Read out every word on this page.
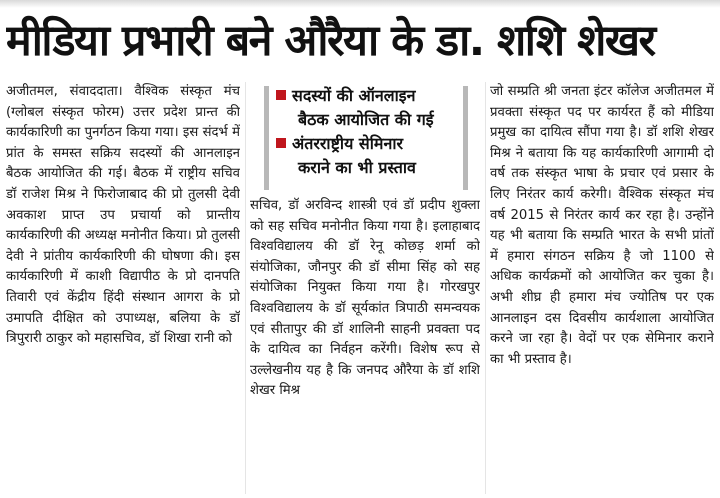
मीडिया प्रभारी बने औरैया के डा. शशि शेखर

अजीतमल, संवाददाता। वैश्विक संस्कृत मंच (ग्लोबल संस्कृत फोरम) उत्तर प्रदेश प्रान्त की कार्यकारिणी का पुनर्गठन किया गया। इस संदर्भ में प्रांत के समस्त सक्रिय सदस्यों की आनलाइन बैठक आयोजित की गई। बैठक में राष्ट्रीय सचिव डॉ राजेश मिश्र ने फिरोजाबाद की प्रो तुलसी देवी अवकाश प्राप्त उप प्रचार्या को प्रान्तीय कार्यकारिणी की अध्यक्ष मनोनीत किया। प्रो तुलसी देवी ने प्रांतीय कार्यकारिणी की घोषणा की। इस कार्यकारिणी में काशी विद्यापीठ के प्रो दानपति तिवारी एवं केंद्रीय हिंदी संस्थान आगरा के प्रो उमापति दीक्षित को उपाध्यक्ष, बलिया के डॉ त्रिपुरारी ठाकुर को महासचिव, डॉ शिखा रानी को

सदस्यों की ऑनलाइन
बैठक आयोजित की गई
अंतरराष्ट्रीय सेमिनार
कराने का भी प्रस्ताव

सचिव, डॉ अरविन्द शास्त्री एवं डॉ प्रदीप शुक्ला को सह सचिव मनोनीत किया गया है। इलाहाबाद विश्वविद्यालय की डॉ रेनू कोछड़ शर्मा को संयोजिका, जौनपुर की डॉ सीमा सिंह को सह संयोजिका नियुक्त किया गया है। गोरखपुर विश्वविद्यालय के डॉ सूर्यकांत त्रिपाठी समन्वयक एवं सीतापुर की डॉ शालिनी साहनी प्रवक्ता पद के दायित्व का निर्वहन करेंगी। विशेष रूप से उल्लेखनीय यह है कि जनपद औरैया के डॉ शशि शेखर मिश्र

जो सम्प्रति श्री जनता इंटर कॉलेज अजीतमल में प्रवक्ता संस्कृत पद पर कार्यरत हैं को मीडिया प्रमुख का दायित्व सौंपा गया है। डॉ शशि शेखर मिश्र ने बताया कि यह कार्यकारिणी आगामी दो वर्ष तक संस्कृत भाषा के प्रचार एवं प्रसार के लिए निरंतर कार्य करेगी। वैश्विक संस्कृत मंच वर्ष 2015 से निरंतर कार्य कर रहा है। उन्होंने यह भी बताया कि सम्प्रति भारत के सभी प्रांतों में हमारा संगठन सक्रिय है जो 1100 से अधिक कार्यक्रमों को आयोजित कर चुका है। अभी शीघ्र ही हमारा मंच ज्योतिष पर एक आनलाइन दस दिवसीय कार्यशाला आयोजित करने जा रहा है। वेदों पर एक सेमिनार कराने का भी प्रस्ताव है।
